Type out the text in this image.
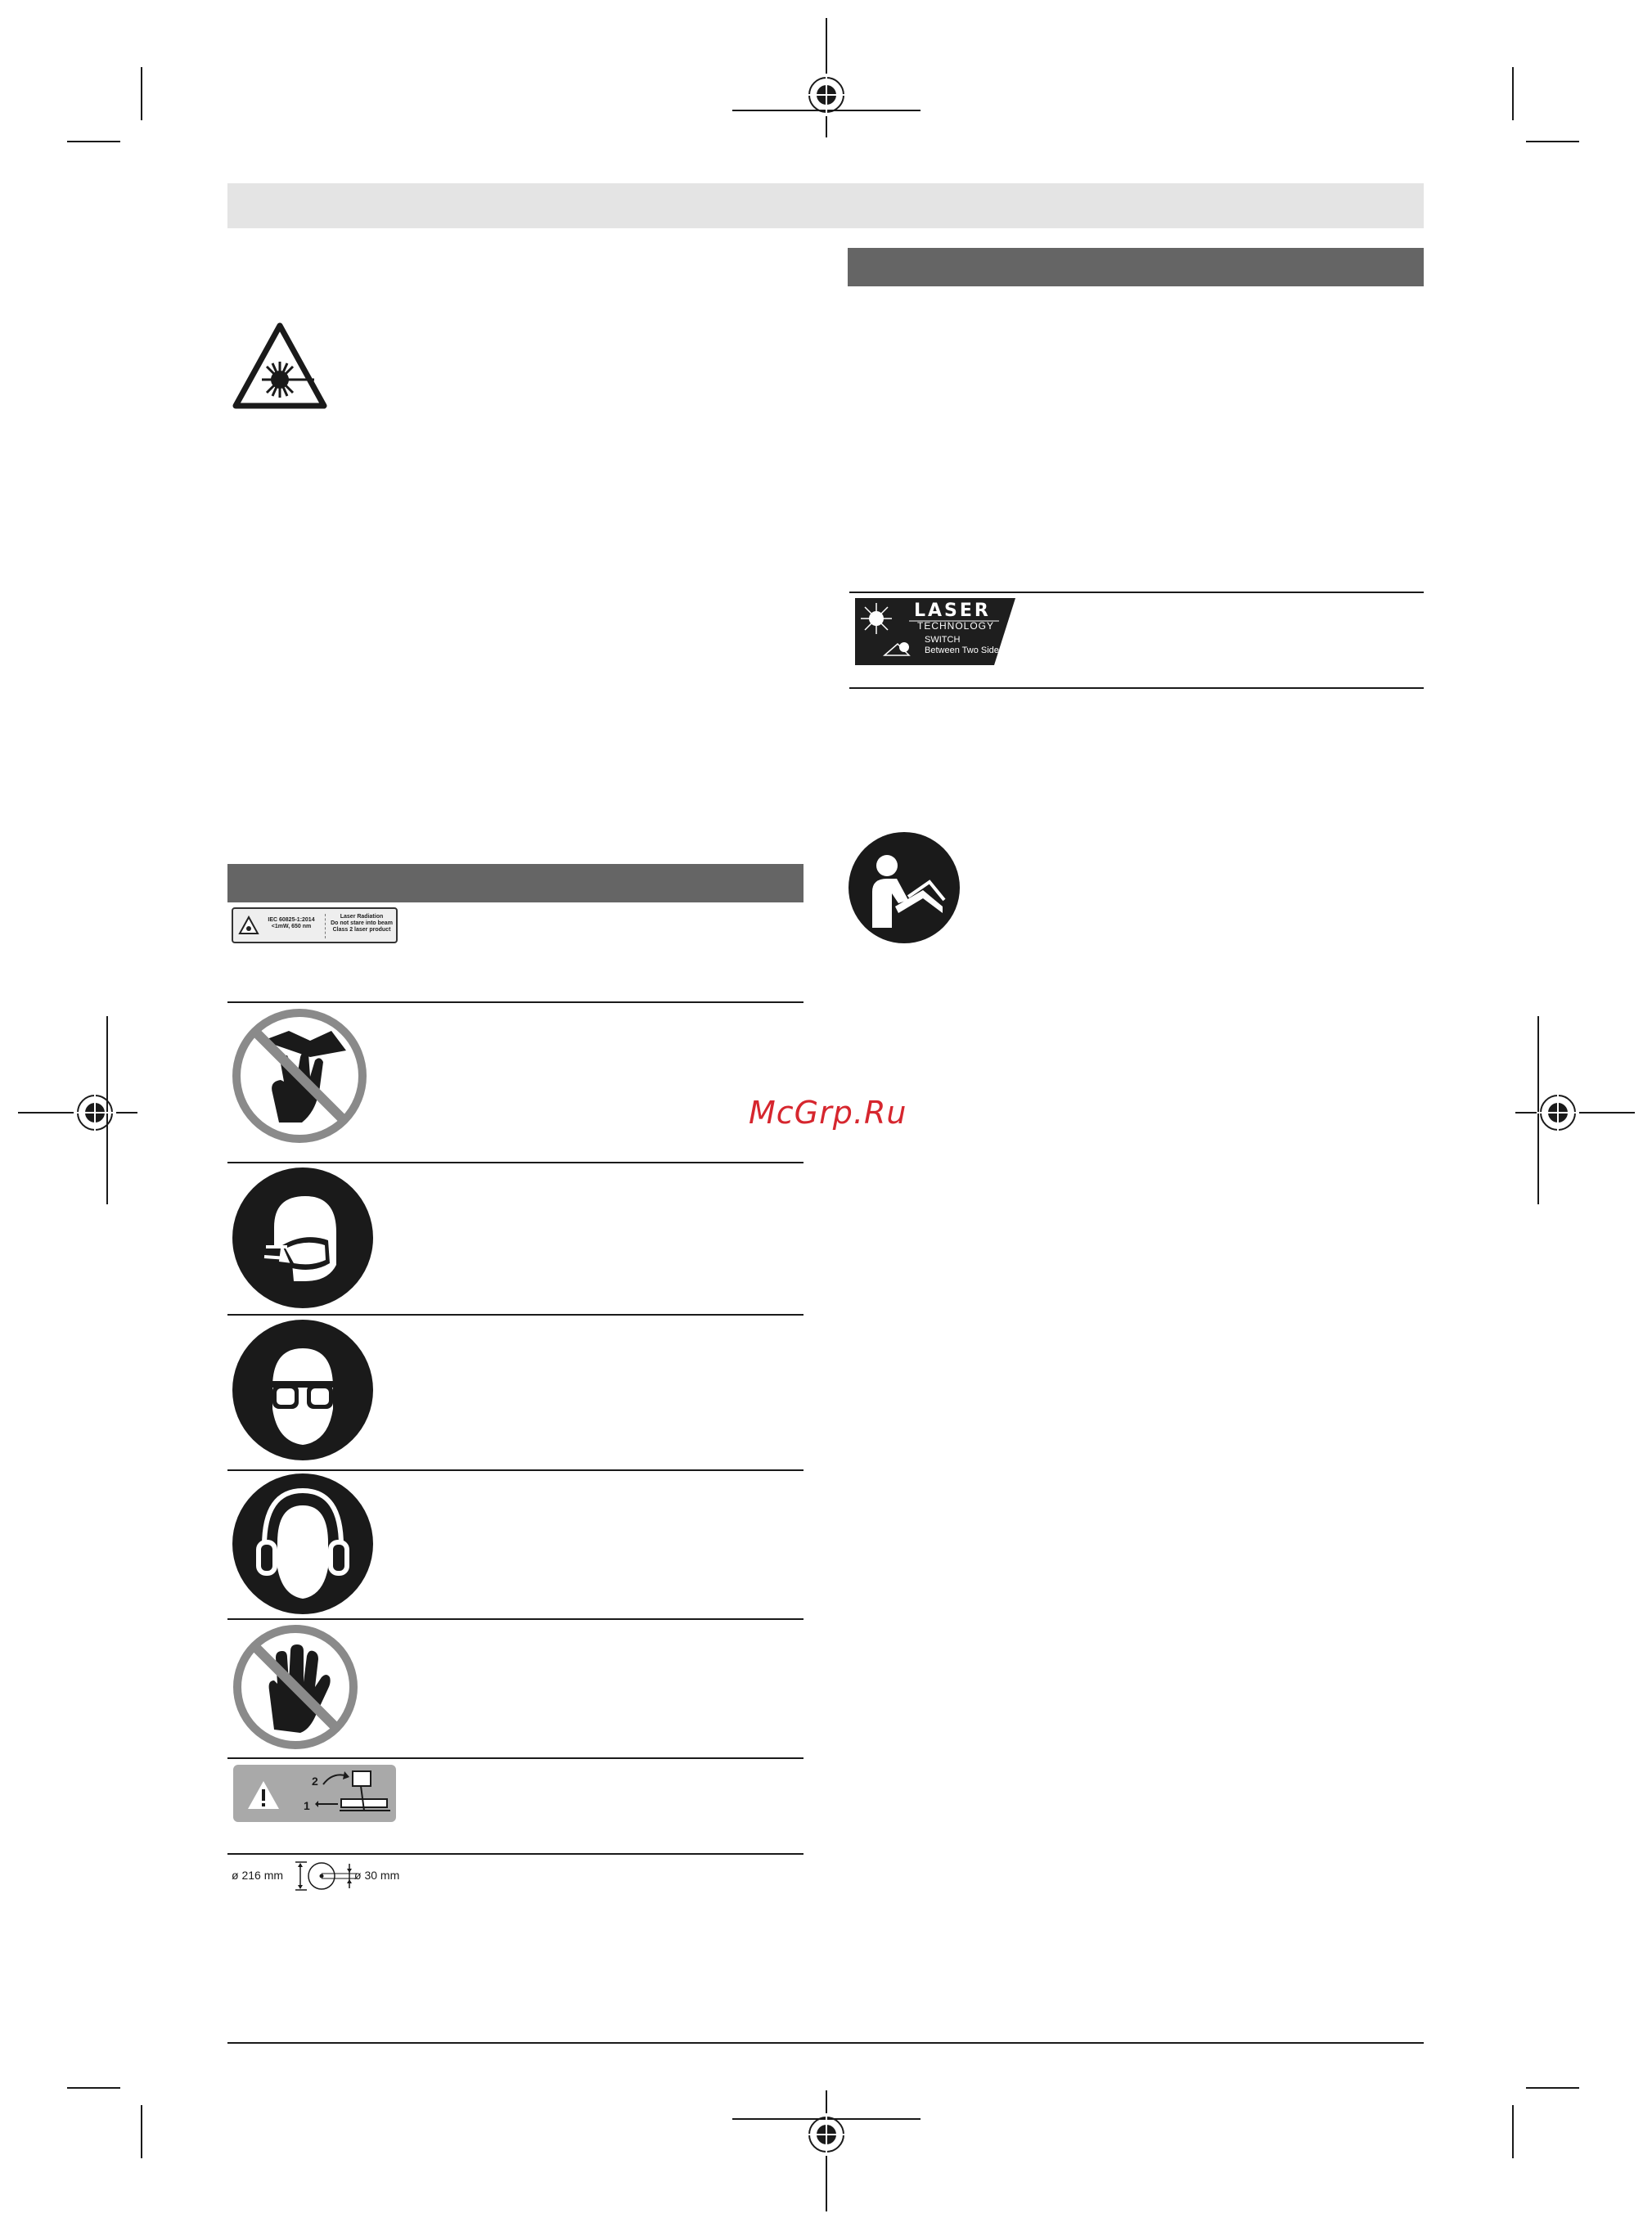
LASER
TECHNOLOGY
SWITCH
Between Two Sides
McGrp.Ru
IEC 60825-1:2014
<1mW, 650 nm
Laser Radiation
Do not stare into beam
Class 2 laser product
2
1
ø 216 mm	ø 30 mm
